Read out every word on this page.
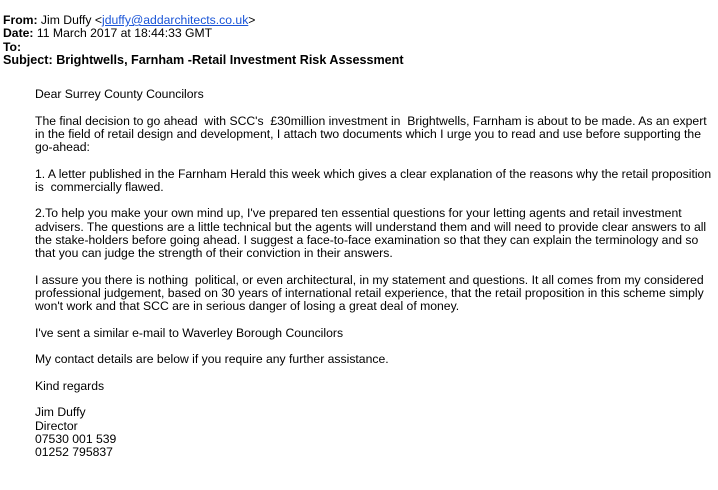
From: Jim Duffy <jduffy@addarchitects.co.uk>
Date: 11 March 2017 at 18:44:33 GMT
To:
Subject: Brightwells, Farnham -Retail Investment Risk Assessment

Dear Surrey County Councilors

The final decision to go ahead  with SCC's  £30million investment in  Brightwells, Farnham is about to be made. As an expert in the field of retail design and development, I attach two documents which I urge you to read and use before supporting the go-ahead:

1. A letter published in the Farnham Herald this week which gives a clear explanation of the reasons why the retail proposition is  commercially flawed.

2.To help you make your own mind up, I've prepared ten essential questions for your letting agents and retail investment advisers. The questions are a little technical but the agents will understand them and will need to provide clear answers to all the stake-holders before going ahead. I suggest a face-to-face examination so that they can explain the terminology and so that you can judge the strength of their conviction in their answers.

I assure you there is nothing  political, or even architectural, in my statement and questions. It all comes from my considered professional judgement, based on 30 years of international retail experience, that the retail proposition in this scheme simply won't work and that SCC are in serious danger of losing a great deal of money.

I've sent a similar e-mail to Waverley Borough Councilors

My contact details are below if you require any further assistance.

Kind regards

Jim Duffy
Director
07530 001 539
01252 795837
